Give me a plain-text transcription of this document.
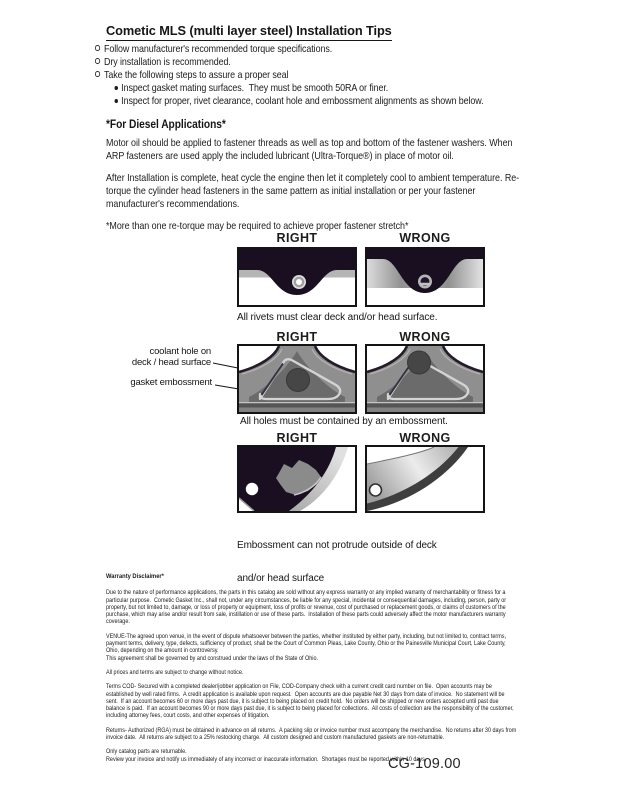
Cometic MLS (multi layer steel) Installation Tips
Follow manufacturer's recommended torque specifications.
Dry installation is recommended.
Take the following steps to assure a proper seal
Inspect gasket mating surfaces.  They must be smooth 50RA or finer.
Inspect for proper, rivet clearance, coolant hole and embossment alignments as shown below.
*For Diesel Applications*

Motor oil should be applied to fastener threads as well as top and bottom of the fastener washers. When ARP fasteners are used apply the included lubricant (Ultra-Torque®) in place of motor oil.

After Installation is complete, heat cycle the engine then let it completely cool to ambient temperature. Re-torque the cylinder head fasteners in the same pattern as initial installation or per your fastener manufacturer's recommendations.

*More than one re-torque may be required to achieve proper fastener stretch*

RIGHT	WRONG
All rivets must clear deck and/or head surface.
RIGHT	WRONG
coolant hole on
deck / head surface
gasket embossment
All holes must be contained by an embossment.
RIGHT	WRONG

Embossment can not protrude outside of deck

and/or head surface

Warranty Disclaimer*

Due to the nature of performance applications, the parts in this catalog are sold without any express warranty or any implied warranty of merchantability or fitness for a particular purpose.  Cometic Gasket Inc., shall not, under any circumstances, be liable for any special, incidental or consequential damages, including, person, party or property, but not limited to, damage, or loss of property or equipment, loss of profits or revenue, cost of purchased or replacement goods, or claims of customers of the purchase, which may arise and/or result from sale, instillation or use of these parts.  Installation of these parts could adversely affect the motor manufacturers warranty coverage.

VENUE-The agreed upon venue, in the event of dispute whatsoever between the parties, whether instituted by either party, including, but not limited to, contract terms, payment terms, delivery, type, defects, sufficiency of product, shall be the Court of Common Pleas, Lake County, Ohio or the Painesville Municipal Court, Lake County, Ohio, depending on the amount in controversy.

This agreement shall be governed by and construed under the laws of the State of Ohio.

All prices and terms are subject to change without notice.

Terms COD- Secured with a completed dealer/jobber application on File, COD-Company check with a current credit card number on file.  Open accounts may be established by well rated firms.  A credit application is available upon request.  Open accounts are due payable Net 30 days from date of invoice.  No statement will be sent.  If an account becomes 60 or more days past due, it is subject to being placed on credit hold.  No orders will be shipped or new orders accepted until past due balance is paid.  If an account becomes 90 or more days past due, it is subject to being placed for collections.  All costs of collection are the responsibility of the customer, including attorney fees, court costs, and other expenses of litigation.

Returns- Authorized (RGA) must be obtained in advance on all returns.  A packing slip or invoice number must accompany the merchandise.  No returns after 30 days from invoice date.  All returns are subject to a 25% restocking charge.  All custom designed and custom manufactured gaskets are non-returnable.

Only catalog parts are returnable.

Review your invoice and notify us immediately of any incorrect or inaccurate information.  Shortages must be reported within 10 days.

CG-109.00
